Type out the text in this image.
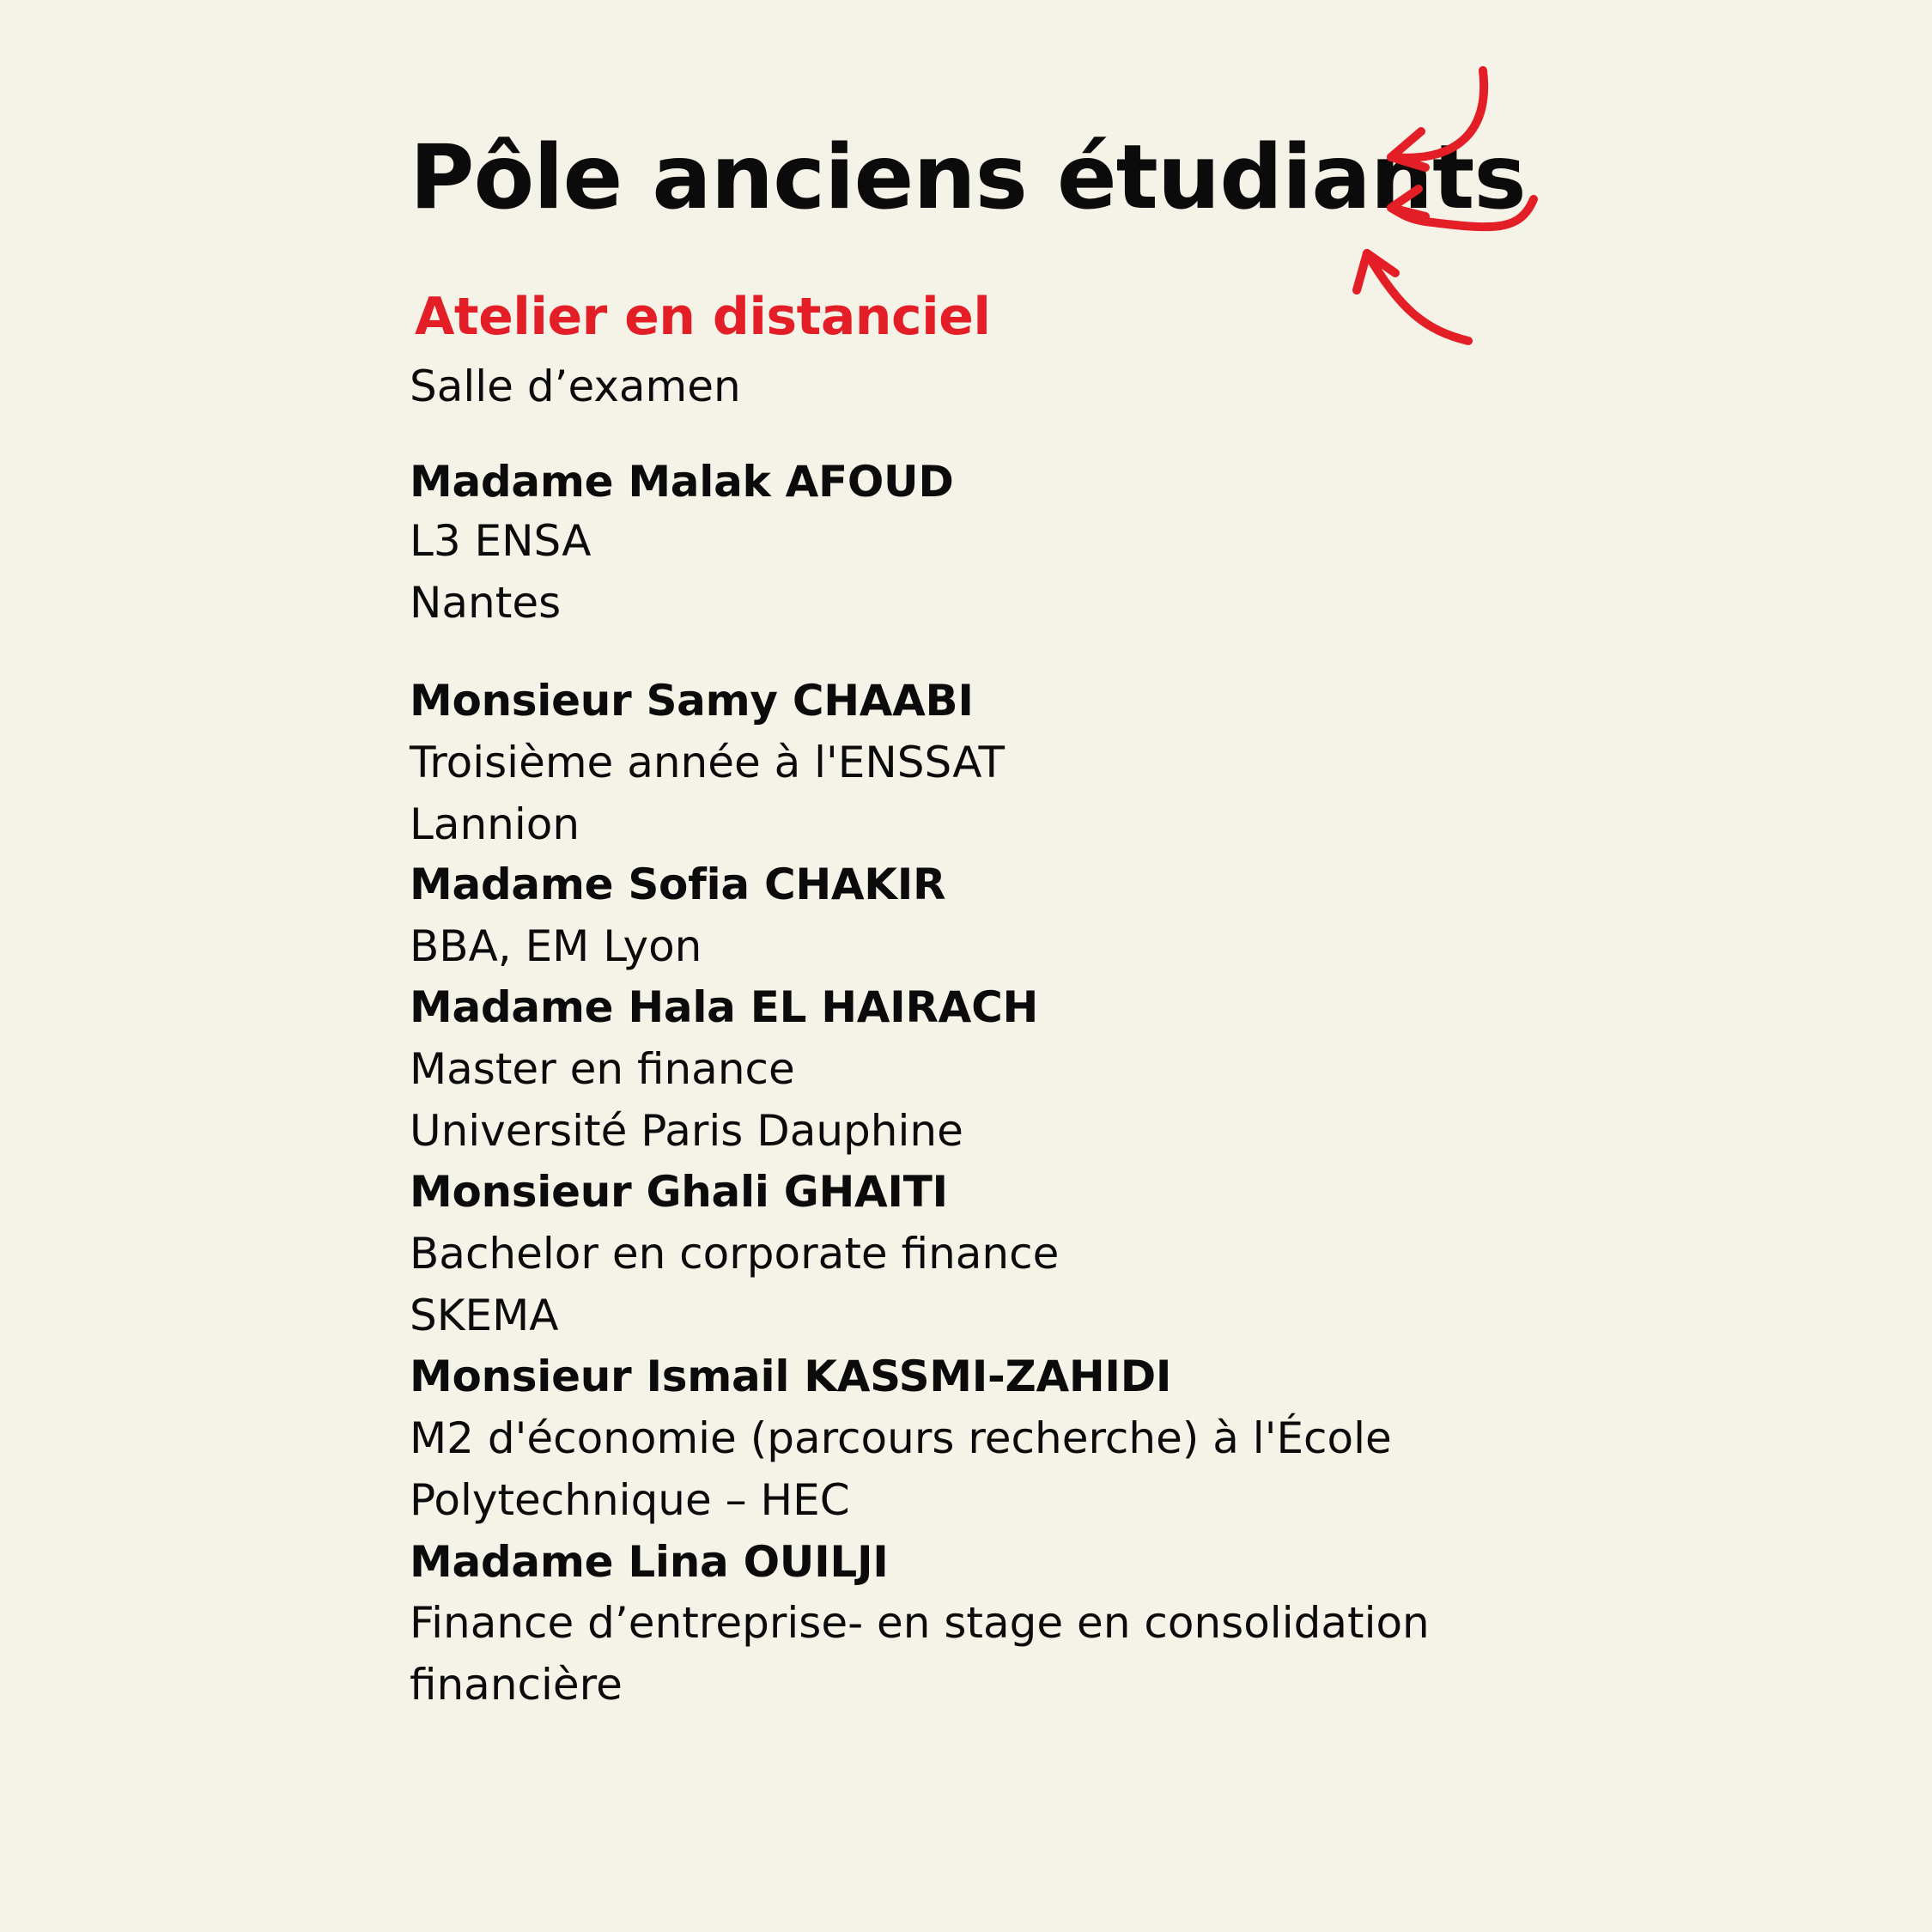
Pôle anciens étudiants
Atelier en distanciel

Salle d’examen

Madame Malak AFOUD
L3 ENSA
Nantes
Monsieur Samy CHAABI
Troisième année à l'ENSSAT
Lannion
Madame Sofia CHAKIR
BBA, EM Lyon
Madame Hala EL HAIRACH
Master en finance
Université Paris Dauphine
Monsieur Ghali GHAITI
Bachelor en corporate finance
SKEMA
Monsieur Ismail KASSMI-ZAHIDI
M2 d'économie (parcours recherche) à l'École
Polytechnique – HEC
Madame Lina OUILJI
Finance d’entreprise- en stage en consolidation
financière
